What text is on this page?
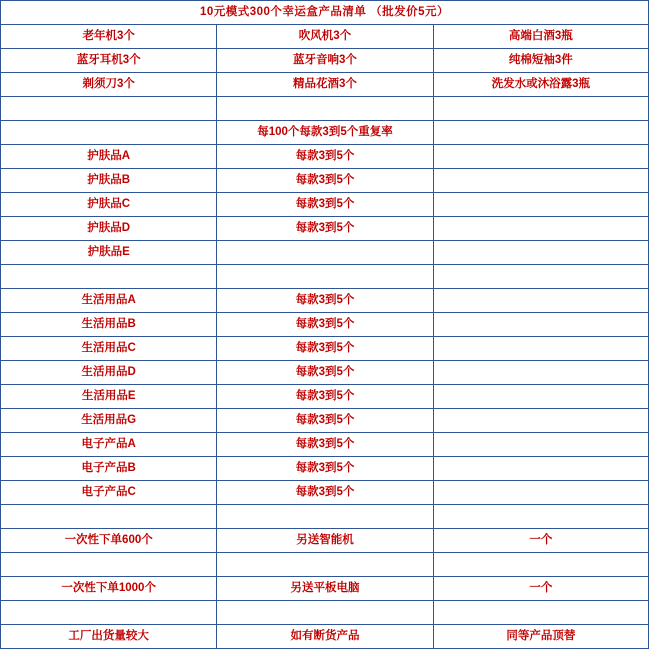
10元模式300个幸运盒产品清单 （批发价5元）		
老年机3个	吹风机3个	高端白酒3瓶
蓝牙耳机3个	蓝牙音响3个	纯棉短袖3件
剃须刀3个	精品花酒3个	洗发水或沐浴露3瓶

	每100个每款3到5个重复率	
护肤品A	每款3到5个	
护肤品B	每款3到5个	
护肤品C	每款3到5个	
护肤品D	每款3到5个	
护肤品E		

生活用品A	每款3到5个	
生活用品B	每款3到5个	
生活用品C	每款3到5个	
生活用品D	每款3到5个	
生活用品E	每款3到5个	
生活用品G	每款3到5个	
电子产品A	每款3到5个	
电子产品B	每款3到5个	
电子产品C	每款3到5个	

一次性下单600个	另送智能机	一个

一次性下单1000个	另送平板电脑	一个

工厂出货量较大	如有断货产品	同等产品顶替
